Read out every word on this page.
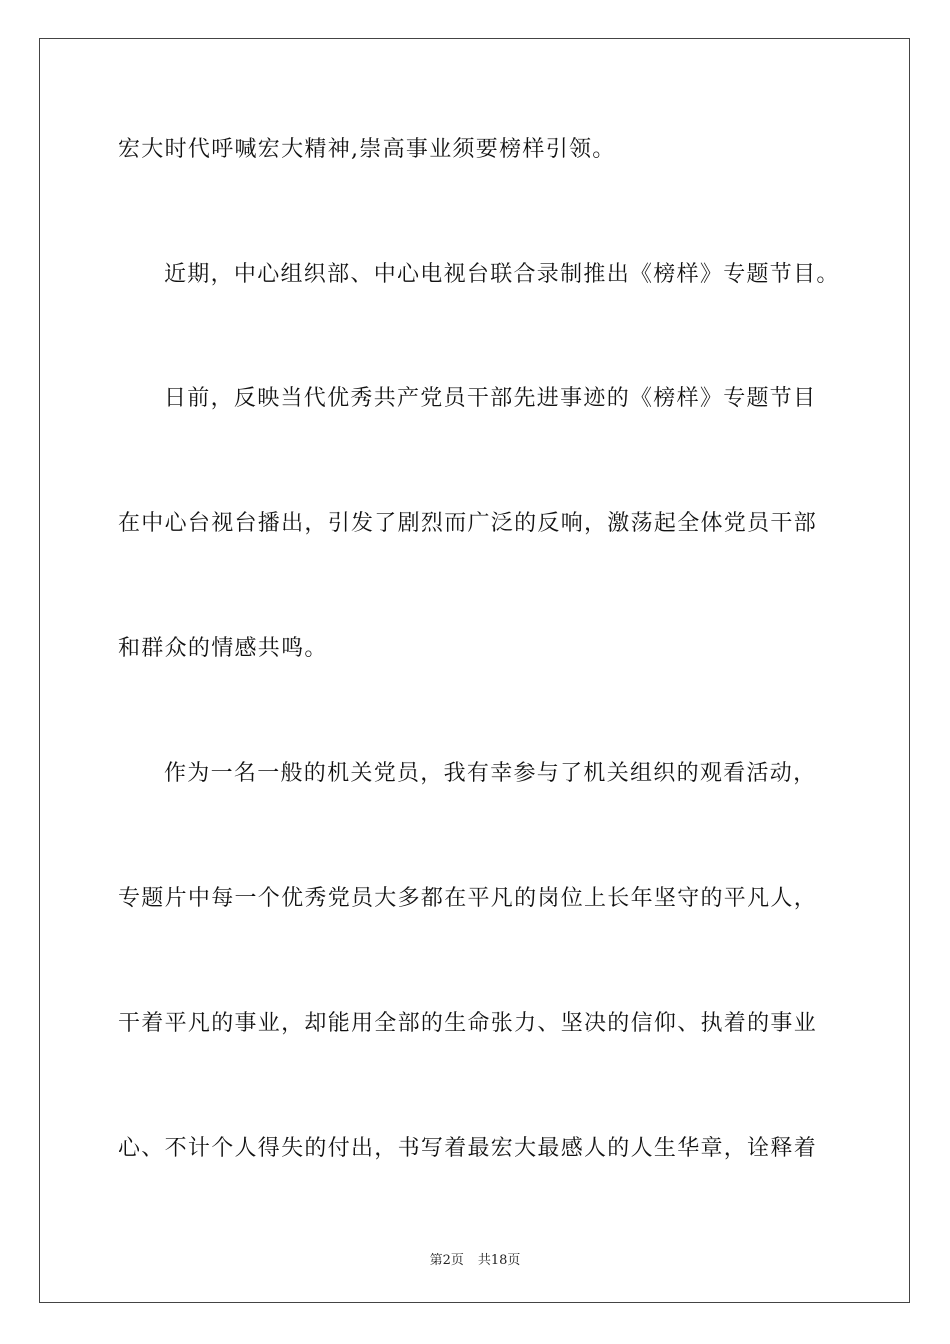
宏大时代呼喊宏大精神,崇高事业须要榜样引领。
近期，中心组织部、中心电视台联合录制推出《榜样》专题节目。
日前，反映当代优秀共产党员干部先进事迹的《榜样》专题节目
在中心台视台播出，引发了剧烈而广泛的反响，激荡起全体党员干部
和群众的情感共鸣。
作为一名一般的机关党员，我有幸参与了机关组织的观看活动，
专题片中每一个优秀党员大多都在平凡的岗位上长年坚守的平凡人，
干着平凡的事业，却能用全部的生命张力、坚决的信仰、执着的事业
心、不计个人得失的付出，书写着最宏大最感人的人生华章，诠释着
第2页 共18页
